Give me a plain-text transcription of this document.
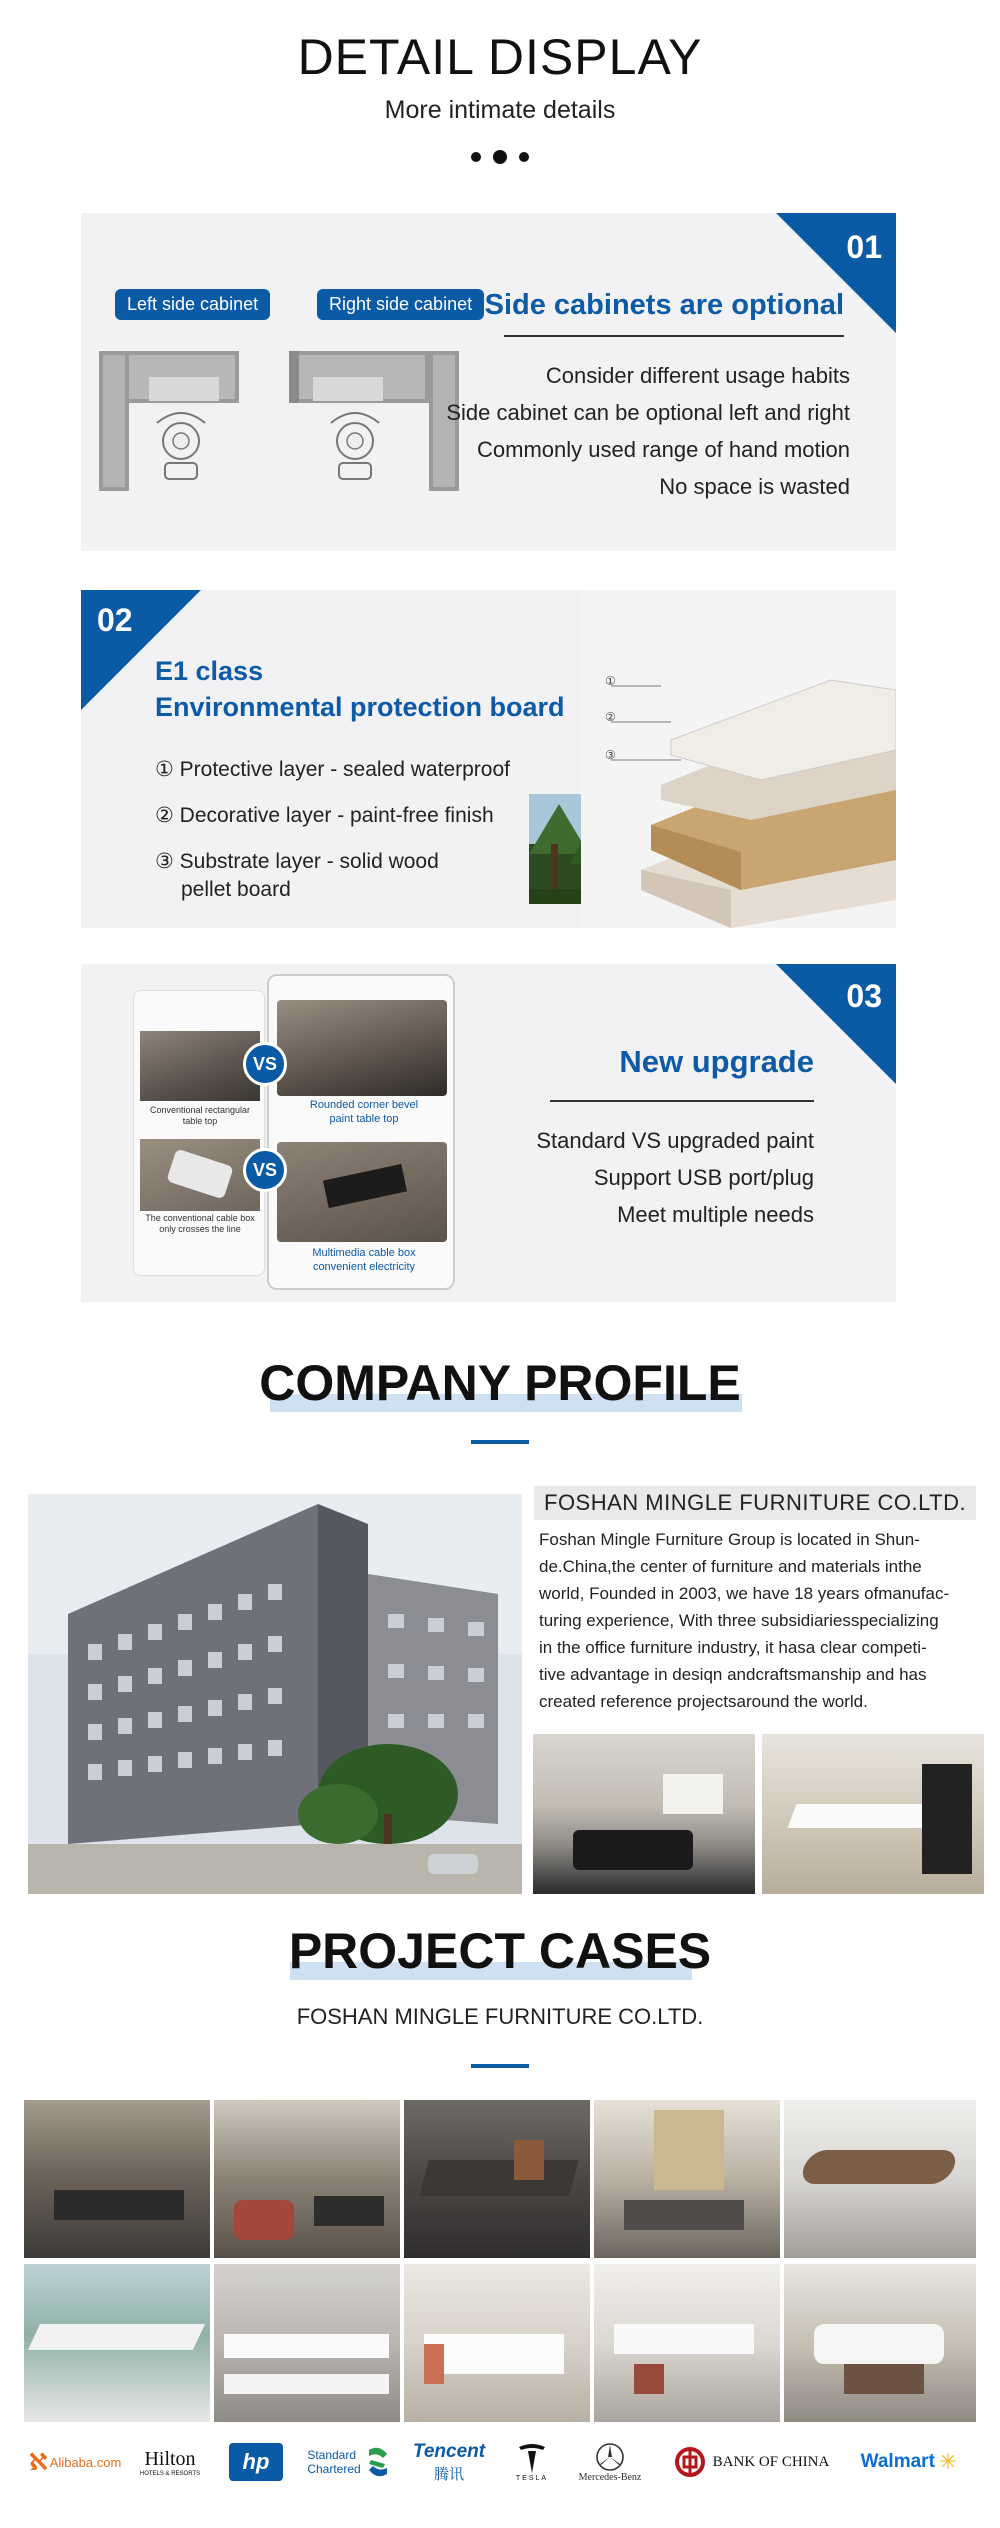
DETAIL DISPLAY
More intimate details
01
Left side cabinet	Right side cabinet Side cabinets are optional
Consider different usage habits
Side cabinet can be optional left and right
Commonly used range of hand motion
No space is wasted
02
E1 class
Environmental protection board
① Protective layer - sealed waterproof
② Decorative layer - paint-free finish
③ Substrate layer - solid wood
pellet board
①
②
③
03
Conventional rectangular table top
The conventional cable box only crosses the line
Rounded corner bevel paint table top
Multimedia cable box convenient electricity
VS
VS
New upgrade
Standard VS upgraded paint
Support USB port/plug
Meet multiple needs
COMPANY PROFILE
FOSHAN MINGLE FURNITURE CO.LTD.
Foshan Mingle Furniture Group is located in Shun-
de.China,the center of furniture and materials inthe
world, Founded in 2003, we have 18 years ofmanufac-
turing experience, With three subsidiariesspecializing
in the office furniture industry, it hasa clear competi-
tive advantage in desiqn andcraftsmanship and has
created reference projectsaround the world.
PROJECT CASES
FOSHAN MINGLE FURNITURE CO.LTD.
ℵ Alibaba.com Hilton
HOTELS & RESORTS hp	Standard
Chartered
Tencent
腾讯	TESLA	Mercedes-Benz
BANK OF CHINA Walmart ✳
